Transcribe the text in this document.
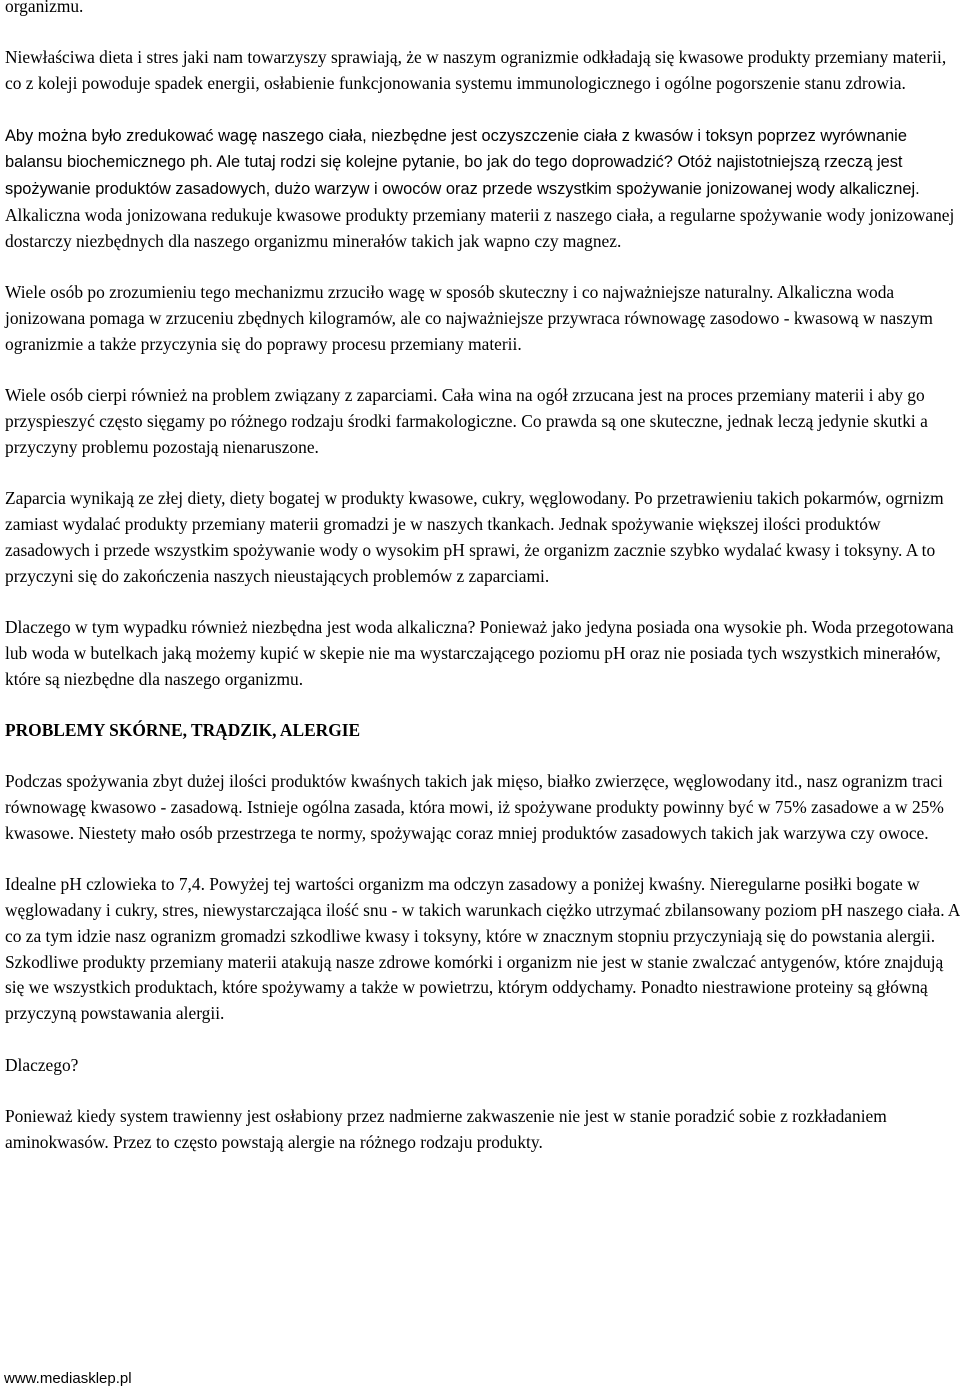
organizmu.

Niewłaściwa dieta i stres jaki nam towarzyszy sprawiają, że w naszym ogranizmie odkładają się kwasowe produkty przemiany materii, co z koleji powoduje spadek energii, osłabienie funkcjonowania systemu immunologicznego i ogólne pogorszenie stanu zdrowia.

Aby można było zredukować wagę naszego ciała, niezbędne jest oczyszczenie ciała z kwasów i toksyn poprzez wyrównanie balansu biochemicznego ph. Ale tutaj rodzi się kolejne pytanie, bo jak do tego doprowadzić? Otóż najistotniejszą rzeczą jest spożywanie produktów zasadowych, dużo warzyw i owoców oraz przede wszystkim spożywanie jonizowanej wody alkalicznej. Alkaliczna woda jonizowana redukuje kwasowe produkty przemiany materii z naszego ciała, a regularne spożywanie wody jonizowanej dostarczy niezbędnych dla naszego organizmu minerałów takich jak wapno czy magnez.

Wiele osób po zrozumieniu tego mechanizmu zrzuciło wagę w sposób skuteczny i co najważniejsze naturalny. Alkaliczna woda jonizowana pomaga w zrzuceniu zbędnych kilogramów, ale co najważniejsze przywraca równowagę zasodowo - kwasową w naszym ogranizmie a także przyczynia się do poprawy procesu przemiany materii.

Wiele osób cierpi również na problem związany z zaparciami. Cała wina na ogół zrzucana jest na proces przemiany materii i aby go przyspieszyć często sięgamy po różnego rodzaju środki farmakologiczne. Co prawda są one skuteczne, jednak leczą jedynie skutki a przyczyny problemu pozostają nienaruszone.

Zaparcia wynikają ze złej diety, diety bogatej w produkty kwasowe, cukry, węglowodany. Po przetrawieniu takich pokarmów, ogrnizm zamiast wydalać produkty przemiany materii gromadzi je w naszych tkankach. Jednak spożywanie większej ilości produktów zasadowych i przede wszystkim spożywanie wody o wysokim pH sprawi, że organizm zacznie szybko wydalać kwasy i toksyny. A to przyczyni się do zakończenia naszych nieustających problemów z zaparciami.

Dlaczego w tym wypadku również niezbędna jest woda alkaliczna? Ponieważ jako jedyna posiada ona wysokie ph. Woda przegotowana lub woda w butelkach jaką możemy kupić w skepie nie ma wystarczającego poziomu pH oraz nie posiada tych wszystkich minerałów, które są niezbędne dla naszego organizmu.

PROBLEMY SKÓRNE, TRĄDZIK, ALERGIE

Podczas spożywania zbyt dużej ilości produktów kwaśnych takich jak mięso, białko zwierzęce, węglowodany itd., nasz ogranizm traci równowagę kwasowo - zasadową. Istnieje ogólna zasada, która mowi, iż spożywane produkty powinny być w 75% zasadowe a w 25% kwasowe. Niestety mało osób przestrzega te normy, spożywając coraz mniej produktów zasadowych takich jak warzywa czy owoce.

Idealne pH czlowieka to 7,4. Powyżej tej wartości organizm ma odczyn zasadowy a poniżej kwaśny. Nieregularne posiłki bogate w węglowadany i cukry, stres, niewystarczająca ilość snu - w takich warunkach ciężko utrzymać zbilansowany poziom pH naszego ciała. A co za tym idzie nasz ogranizm gromadzi szkodliwe kwasy i toksyny, które w znacznym stopniu przyczyniają się do powstania alergii. Szkodliwe produkty przemiany materii atakują nasze zdrowe komórki i organizm nie jest w stanie zwalczać antygenów, które znajdują się we wszystkich produktach, które spożywamy a także w powietrzu, którym oddychamy. Ponadto niestrawione proteiny są główną przyczyną powstawania alergii.

Dlaczego?

Ponieważ kiedy system trawienny jest osłabiony przez nadmierne zakwaszenie nie jest w stanie poradzić sobie z rozkładaniem aminokwasów. Przez to często powstają alergie na różnego rodzaju produkty.

www.mediasklep.pl
